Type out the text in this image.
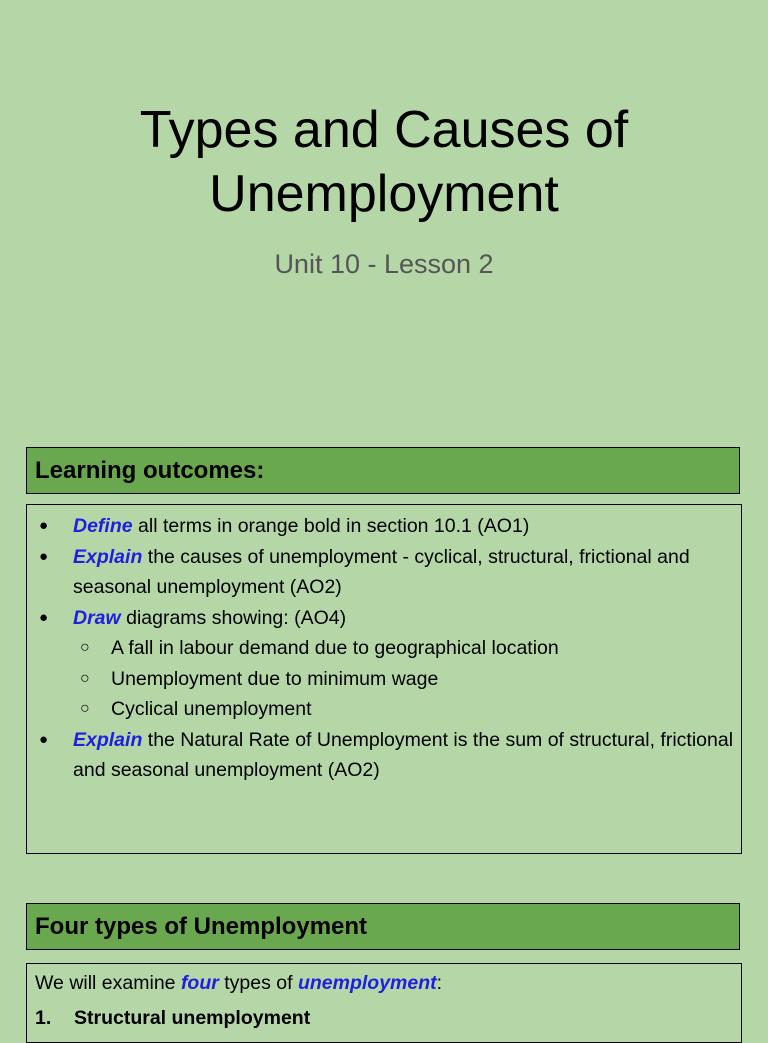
Types and Causes of
Unemployment
Unit 10 - Lesson 2
Learning outcomes:
● Define all terms in orange bold in section 10.1 (AO1)
● Explain the causes of unemployment - cyclical, structural, frictional and seasonal unemployment (AO2)
● Draw diagrams showing: (AO4)
○ A fall in labour demand due to geographical location
○ Unemployment due to minimum wage
○ Cyclical unemployment
● Explain the Natural Rate of Unemployment is the sum of structural, frictional and seasonal unemployment (AO2)
Four types of Unemployment
We will examine four types of unemployment:
1. Structural unemployment
